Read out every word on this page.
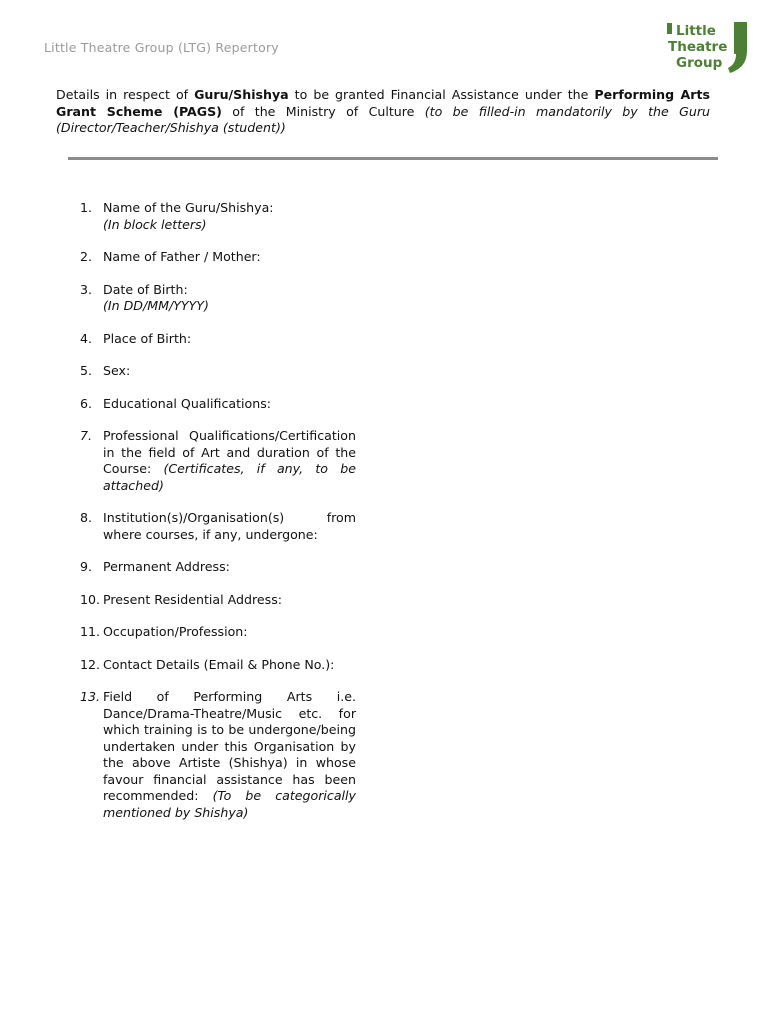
Little Theatre Group (LTG) Repertory
Little
Theatre
Group
Details in respect of Guru/Shishya to be granted Financial Assistance under the Performing Arts Grant Scheme (PAGS) of the Ministry of Culture (to be filled-in mandatorily by the Guru (Director/Teacher/Shishya (student))
1. Name of the Guru/Shishya:
(In block letters)
2. Name of Father / Mother:
3. Date of Birth:
(In DD/MM/YYYY)
4. Place of Birth:
5. Sex:
6. Educational Qualifications:
7. Professional Qualifications/Certification in the field of Art and duration of the Course: (Certificates, if any, to be attached)
8. Institution(s)/Organisation(s) from where courses, if any, undergone:
9. Permanent Address:
10. Present Residential Address:
11. Occupation/Profession:
12. Contact Details (Email & Phone No.):
13. Field of Performing Arts i.e. Dance/Drama-Theatre/Music etc. for which training is to be undergone/being undertaken under this Organisation by the above Artiste (Shishya) in whose favour financial assistance has been recommended: (To be categorically mentioned by Shishya)
